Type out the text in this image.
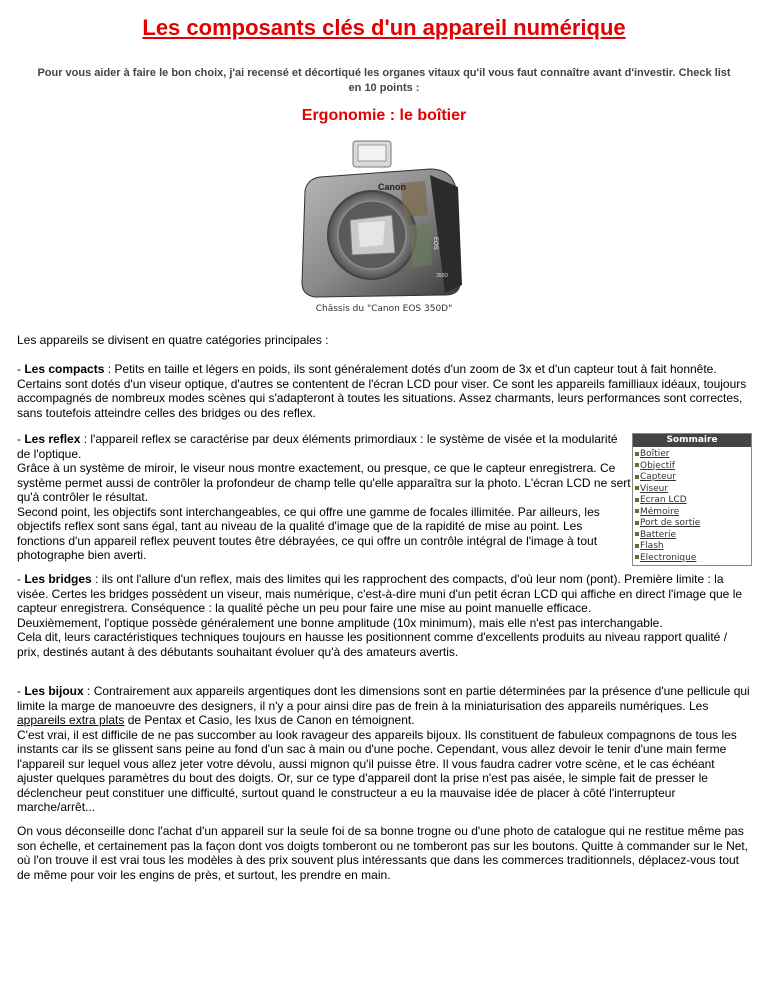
Les composants clés d'un appareil numérique

Pour vous aider à faire le bon choix, j'ai recensé et décortiqué les organes vitaux qu'il vous faut connaître avant d'investir. Check list en 10 points :

Ergonomie : le boîtier
Canon
EOS
350D

Châssis du "Canon EOS 350D"

Les appareils se divisent en quatre catégories principales :

- Les compacts : Petits en taille et légers en poids, ils sont généralement dotés d'un zoom de 3x et d'un capteur tout à fait honnête. Certains sont dotés d'un viseur optique, d'autres se contentent de l'écran LCD pour viser. Ce sont les appareils familliaux idéaux, toujours accompagnés de nombreux modes scènes qui s'adapteront à toutes les situations. Assez charmants, leurs performances sont correctes, sans toutefois atteindre celles des bridges ou des reflex.

- Les reflex : l'appareil reflex se caractérise par deux éléments primordiaux : le système de visée et la modularité de l'optique.
Grâce à un système de miroir, le viseur nous montre exactement, ou presque, ce que le capteur enregistrera. Ce système permet aussi de contrôler la profondeur de champ telle qu'elle apparaîtra sur la photo. L'écran LCD ne sert qu'à contrôler le résultat.
Second point, les objectifs sont interchangeables, ce qui offre une gamme de focales illimitée. Par ailleurs, les objectifs reflex sont sans égal, tant au niveau de la qualité d'image que de la rapidité de mise au point. Les fonctions d'un appareil reflex peuvent toutes être débrayées, ce qui offre un contrôle intégral de l'image à tout photographe bien averti.

Sommaire
Boîtier
Objectif
Capteur
Viseur
Ecran LCD
Mémoire
Port de sortie
Batterie
Flash
Electronique

- Les bridges : ils ont l'allure d'un reflex, mais des limites qui les rapprochent des compacts, d'où leur nom (pont). Première limite : la visée. Certes les bridges possèdent un viseur, mais numérique, c'est-à-dire muni d'un petit écran LCD qui affiche en direct l'image que le capteur enregistrera. Conséquence : la qualité pèche un peu pour faire une mise au point manuelle efficace.
Deuxièmement, l'optique possède généralement une bonne amplitude (10x minimum), mais elle n'est pas interchangable.
Cela dit, leurs caractéristiques techniques toujours en hausse les positionnent comme d'excellents produits au niveau rapport qualité / prix, destinés autant à des débutants souhaitant évoluer qu'à des amateurs avertis.

- Les bijoux : Contrairement aux appareils argentiques dont les dimensions sont en partie déterminées par la présence d'une pellicule qui limite la marge de manoeuvre des designers, il n'y a pour ainsi dire pas de frein à la miniaturisation des appareils numériques. Les appareils extra plats de Pentax et Casio, les Ixus de Canon en témoignent.
C'est vrai, il est difficile de ne pas succomber au look ravageur des appareils bijoux. Ils constituent de fabuleux compagnons de tous les instants car ils se glissent sans peine au fond d'un sac à main ou d'une poche. Cependant, vous allez devoir le tenir d'une main ferme l'appareil sur lequel vous allez jeter votre dévolu, aussi mignon qu'il puisse être. Il vous faudra cadrer votre scène, et le cas échéant ajuster quelques paramètres du bout des doigts. Or, sur ce type d'appareil dont la prise n'est pas aisée, le simple fait de presser le déclencheur peut constituer une difficulté, surtout quand le constructeur a eu la mauvaise idée de placer à côté l'interrupteur marche/arrêt...

On vous déconseille donc l'achat d'un appareil sur la seule foi de sa bonne trogne ou d'une photo de catalogue qui ne restitue même pas son échelle, et certainement pas la façon dont vos doigts tomberont ou ne tomberont pas sur les boutons. Quitte à commander sur le Net, où l'on trouve il est vrai tous les modèles à des prix souvent plus intéressants que dans les commerces traditionnels, déplacez-vous tout de même pour voir les engins de près, et surtout, les prendre en main.
